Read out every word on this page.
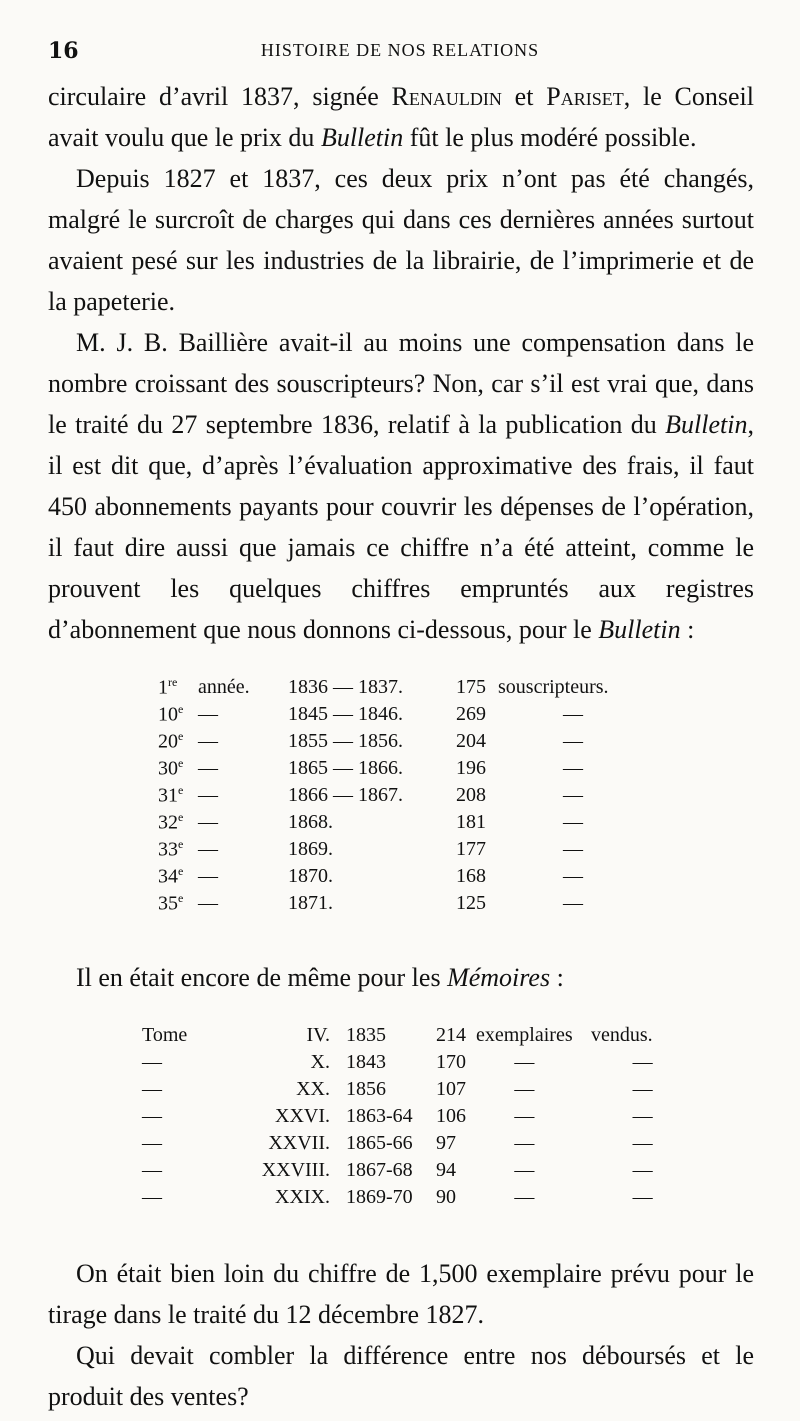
16	HISTOIRE DE NOS RELATIONS

circulaire d’avril 1837, signée Renauldin et Pariset, le Conseil avait voulu que le prix du Bulletin fût le plus modéré possible.

Depuis 1827 et 1837, ces deux prix n’ont pas été changés, malgré le surcroît de charges qui dans ces dernières années surtout avaient pesé sur les industries de la librairie, de l’imprimerie et de la papeterie.

M. J. B. Baillière avait-il au moins une compensation dans le nombre croissant des souscripteurs? Non, car s’il est vrai que, dans le traité du 27 septembre 1836, relatif à la publication du Bulletin, il est dit que, d’après l’évaluation approximative des frais, il faut 450 abonnements payants pour couvrir les dépenses de l’opération, il faut dire aussi que jamais ce chiffre n’a été atteint, comme le prouvent les quelques chiffres empruntés aux registres d’abonnement que nous donnons ci-dessous, pour le Bulletin :

1re	année.	1836 — 1837.	175	souscripteurs.
10e	—	1845 — 1846.	269	—
20e	—	1855 — 1856.	204	—
30e	—	1865 — 1866.	196	—
31e	—	1866 — 1867.	208	—
32e	—	1868.	181	—
33e	—	1869.	177	—
34e	—	1870.	168	—
35e	—	1871.	125	—

Il en était encore de même pour les Mémoires :

Tome	IV.	1835	214	exemplaires	vendus.
—	X.	1843	170	—	—
—	XX.	1856	107	—	—
—	XXVI.	1863-64	106	—	—
—	XXVII.	1865-66	97	—	—
—	XXVIII.	1867-68	94	—	—
—	XXIX.	1869-70	90	—	—

On était bien loin du chiffre de 1,500 exemplaire prévu pour le tirage dans le traité du 12 décembre 1827.

Qui devait combler la différence entre nos déboursés et le produit des ventes?
